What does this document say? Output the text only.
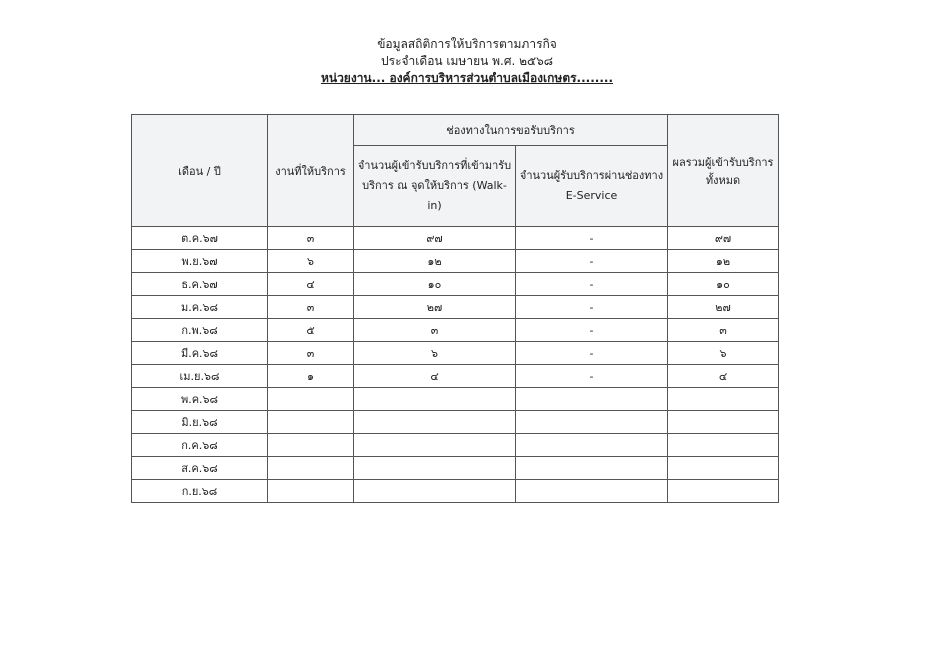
ข้อมูลสถิติการให้บริการตามภารกิจ
ประจำเดือน เมษายน พ.ศ. ๒๕๖๘
หน่วยงาน... องค์การบริหารส่วนตำบลเมืองเกษตร........
เดือน / ปี	งานที่ให้บริการ	ช่องทางในการขอรับบริการ		ผลรวมผู้เข้ารับบริการทั้งหมด
		จำนวนผู้เข้ารับบริการที่เข้ามารับบริการ ณ จุดให้บริการ (Walk-in)	จำนวนผู้รับบริการผ่านช่องทาง E-Service	
ต.ค.๖๗	๓	๙๗	-	๙๗
พ.ย.๖๗	๖	๑๒	-	๑๒
ธ.ค.๖๗	๔	๑๐	-	๑๐
ม.ค.๖๘	๓	๒๗	-	๒๗
ก.พ.๖๘	๕	๓	-	๓
มี.ค.๖๘	๓	๖	-	๖
เม.ย.๖๘	๑	๔	-	๔
พ.ค.๖๘				
มิ.ย.๖๘				
ก.ค.๖๘				
ส.ค.๖๘				
ก.ย.๖๘				
